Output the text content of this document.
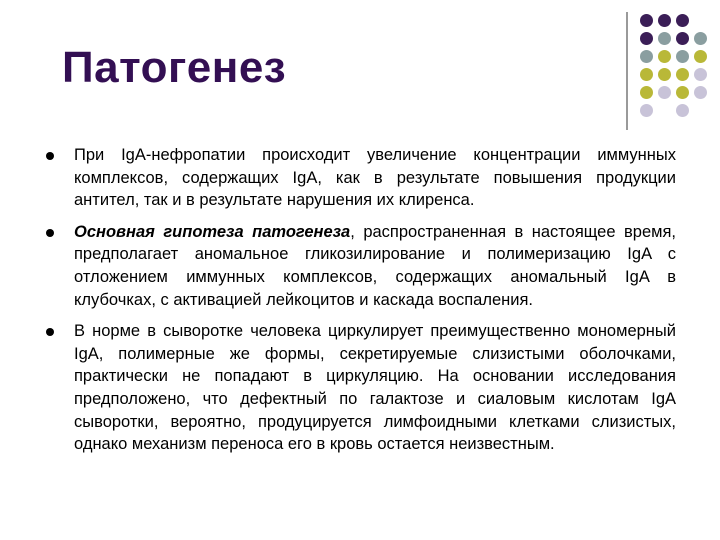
Патогенез
При IgA-нефропатии происходит увеличение концентрации иммунных комплексов, содержащих IgA, как в результате повышения продукции антител, так и в результате нарушения их клиренса.
Основная гипотеза патогенеза, распространенная в настоящее время, предполагает аномальное гликозилирование и полимеризацию IgA с отложением иммунных комплексов, содержащих аномальный IgA в клубочках, с активацией лейкоцитов и каскада воспаления.
В норме в сыворотке человека циркулирует преимущественно мономерный IgA, полимерные же формы, секретируемые слизистыми оболочками, практически не попадают в циркуляцию. На основании исследования предположено, что дефектный по галактозе и сиаловым кислотам IgA сыворотки, вероятно, продуцируется лимфоидными клетками слизистых, однако механизм переноса его в кровь остается неизвестным.
